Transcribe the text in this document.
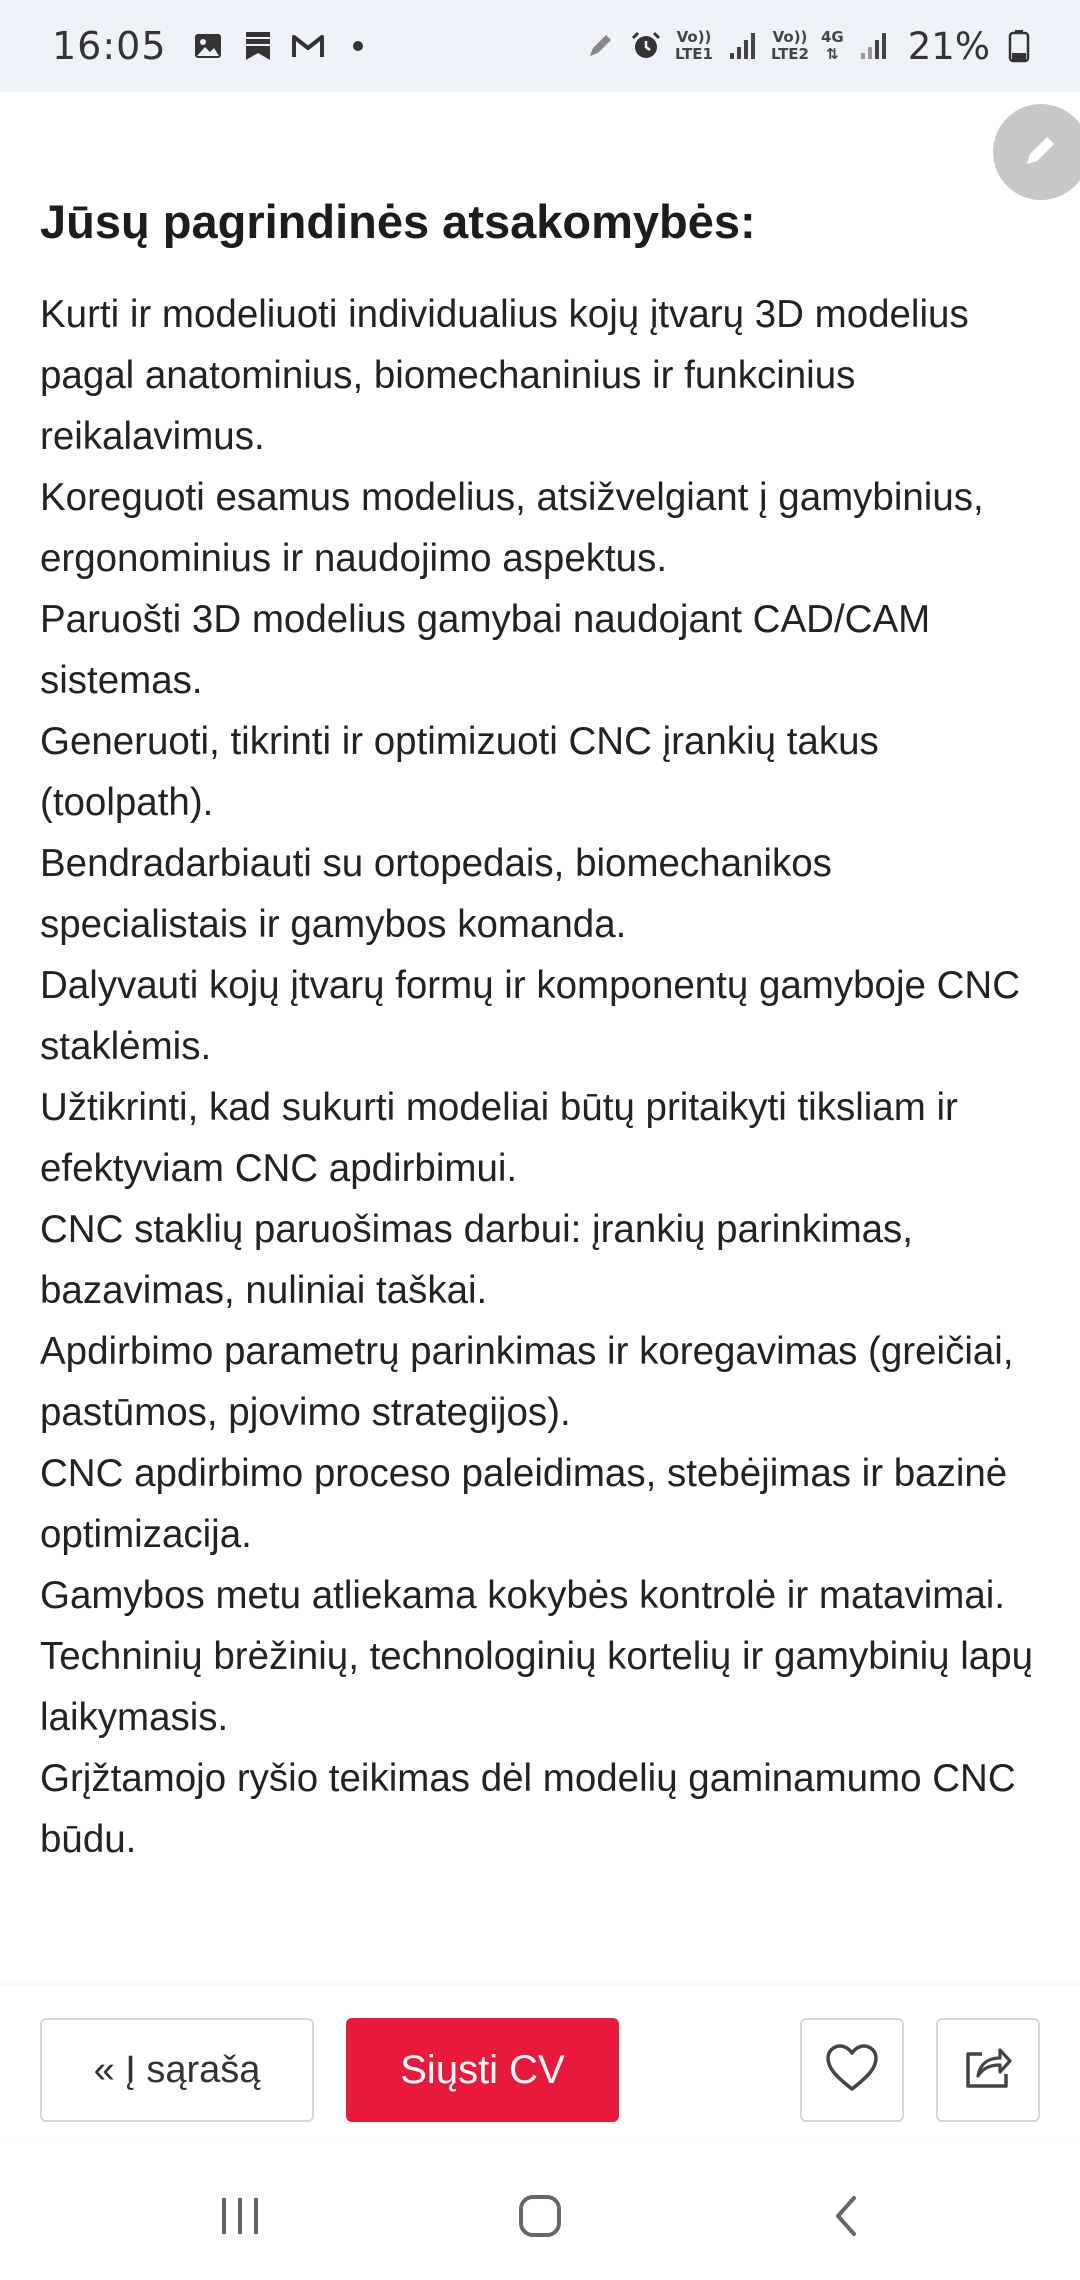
16:05	Vo))
LTE1
Vo))
LTE2
4G
⇅ 21%
Jūsų pagrindinės atsakomybės:
Kurti ir modeliuoti individualius kojų įtvarų 3D modelius pagal anatominius, biomechaninius ir funkcinius reikalavimus.
Koreguoti esamus modelius, atsižvelgiant į gamybinius, ergonominius ir naudojimo aspektus.
Paruošti 3D modelius gamybai naudojant CAD/CAM sistemas.
Generuoti, tikrinti ir optimizuoti CNC įrankių takus (toolpath).
Bendradarbiauti su ortopedais, biomechanikos specialistais ir gamybos komanda.
Dalyvauti kojų įtvarų formų ir komponentų gamyboje CNC staklėmis.
Užtikrinti, kad sukurti modeliai būtų pritaikyti tiksliam ir efektyviam CNC apdirbimui.
CNC staklių paruošimas darbui: įrankių parinkimas, bazavimas, nuliniai taškai.
Apdirbimo parametrų parinkimas ir koregavimas (greičiai, pastūmos, pjovimo strategijos).
CNC apdirbimo proceso paleidimas, stebėjimas ir bazinė optimizacija.
Gamybos metu atliekama kokybės kontrolė ir matavimai.
Techninių brėžinių, technologinių kortelių ir gamybinių lapų laikymasis.
Grįžtamojo ryšio teikimas dėl modelių gaminamumo CNC būdu.
« Į sąrašą	Siųsti CV
